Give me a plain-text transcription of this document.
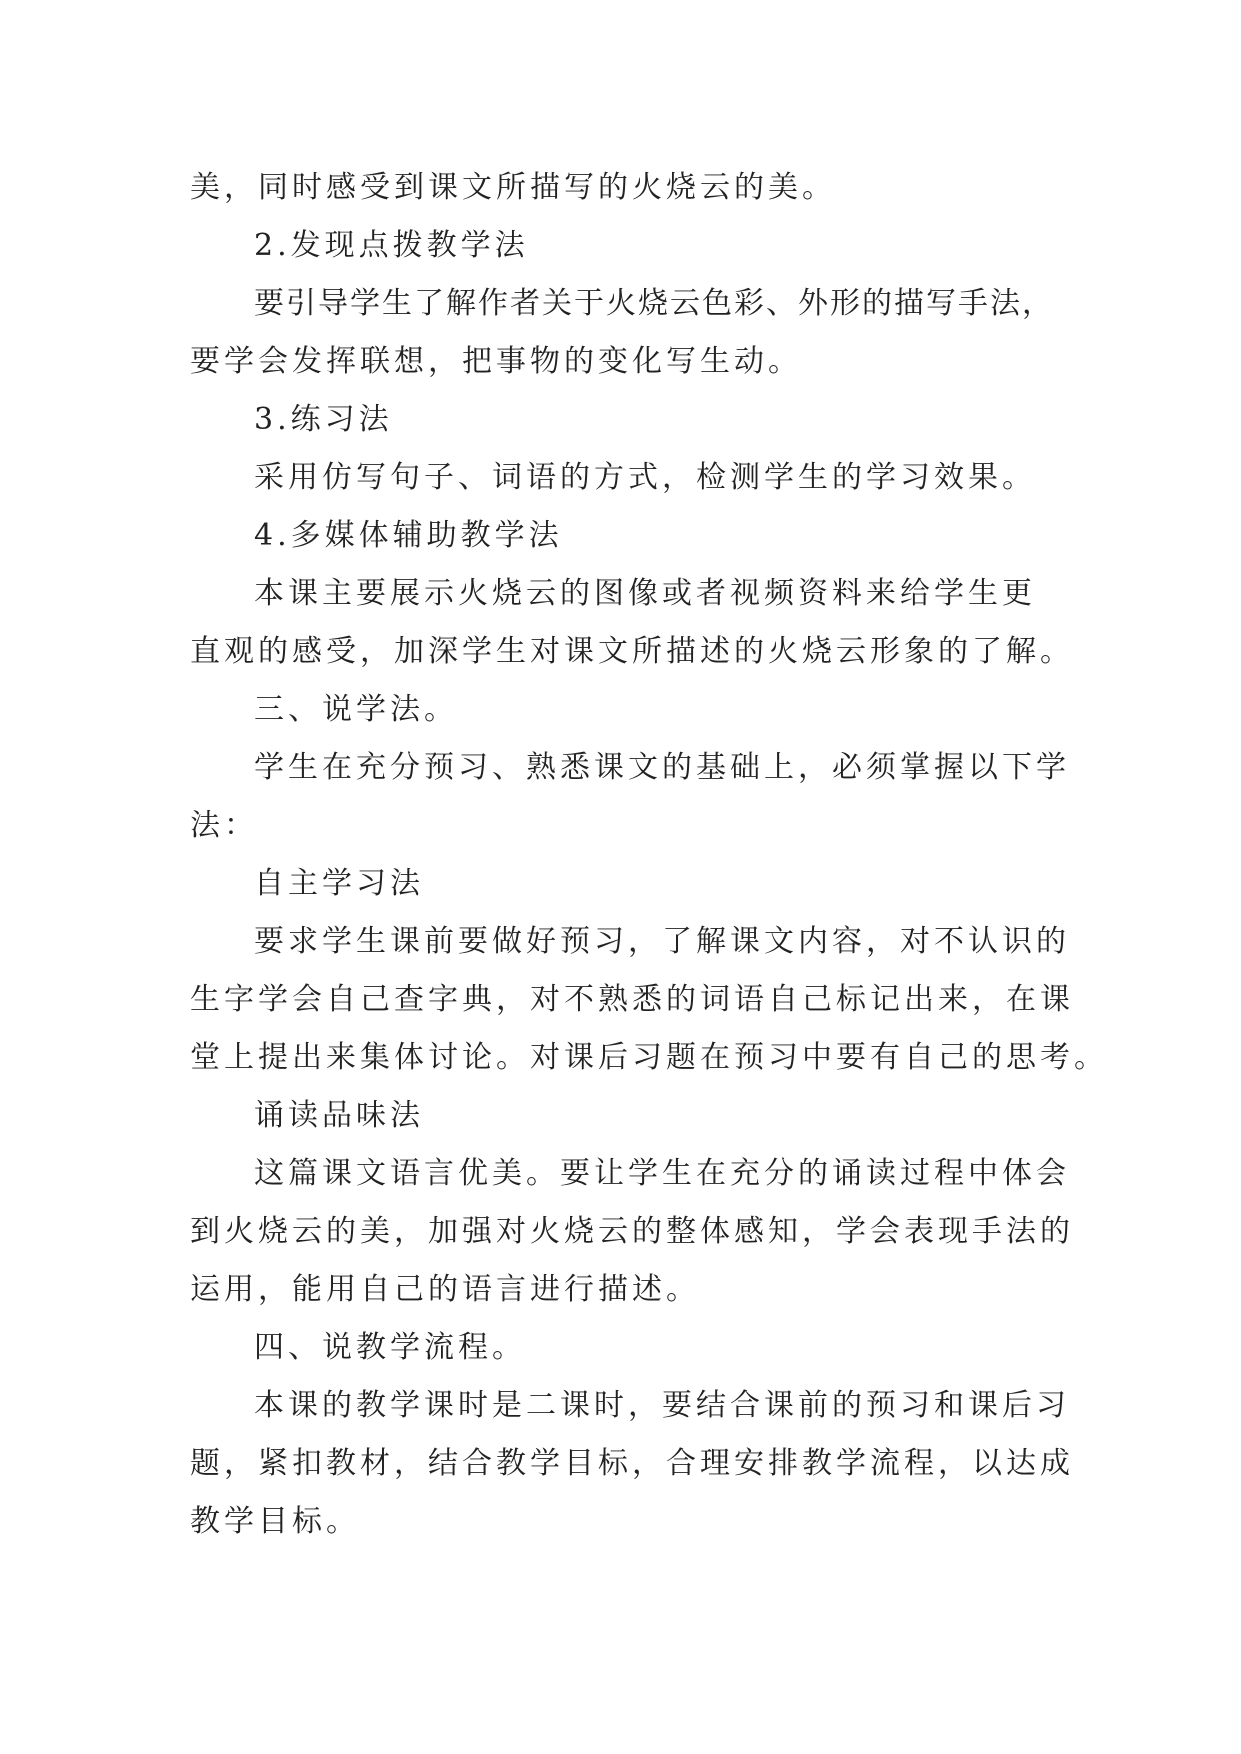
美，同时感受到课文所描写的火烧云的美。
2.发现点拨教学法
要引导学生了解作者关于火烧云色彩、外形的描写手法，
要学会发挥联想，把事物的变化写生动。
3.练习法
采用仿写句子、词语的方式，检测学生的学习效果。
4.多媒体辅助教学法
本课主要展示火烧云的图像或者视频资料来给学生更
直观的感受，加深学生对课文所描述的火烧云形象的了解。
三、说学法。
学生在充分预习、熟悉课文的基础上，必须掌握以下学
法：
自主学习法
要求学生课前要做好预习，了解课文内容，对不认识的
生字学会自己查字典，对不熟悉的词语自己标记出来，在课
堂上提出来集体讨论。对课后习题在预习中要有自己的思考。
诵读品味法
这篇课文语言优美。要让学生在充分的诵读过程中体会
到火烧云的美，加强对火烧云的整体感知，学会表现手法的
运用，能用自己的语言进行描述。
四、说教学流程。
本课的教学课时是二课时，要结合课前的预习和课后习
题，紧扣教材，结合教学目标，合理安排教学流程，以达成
教学目标。
